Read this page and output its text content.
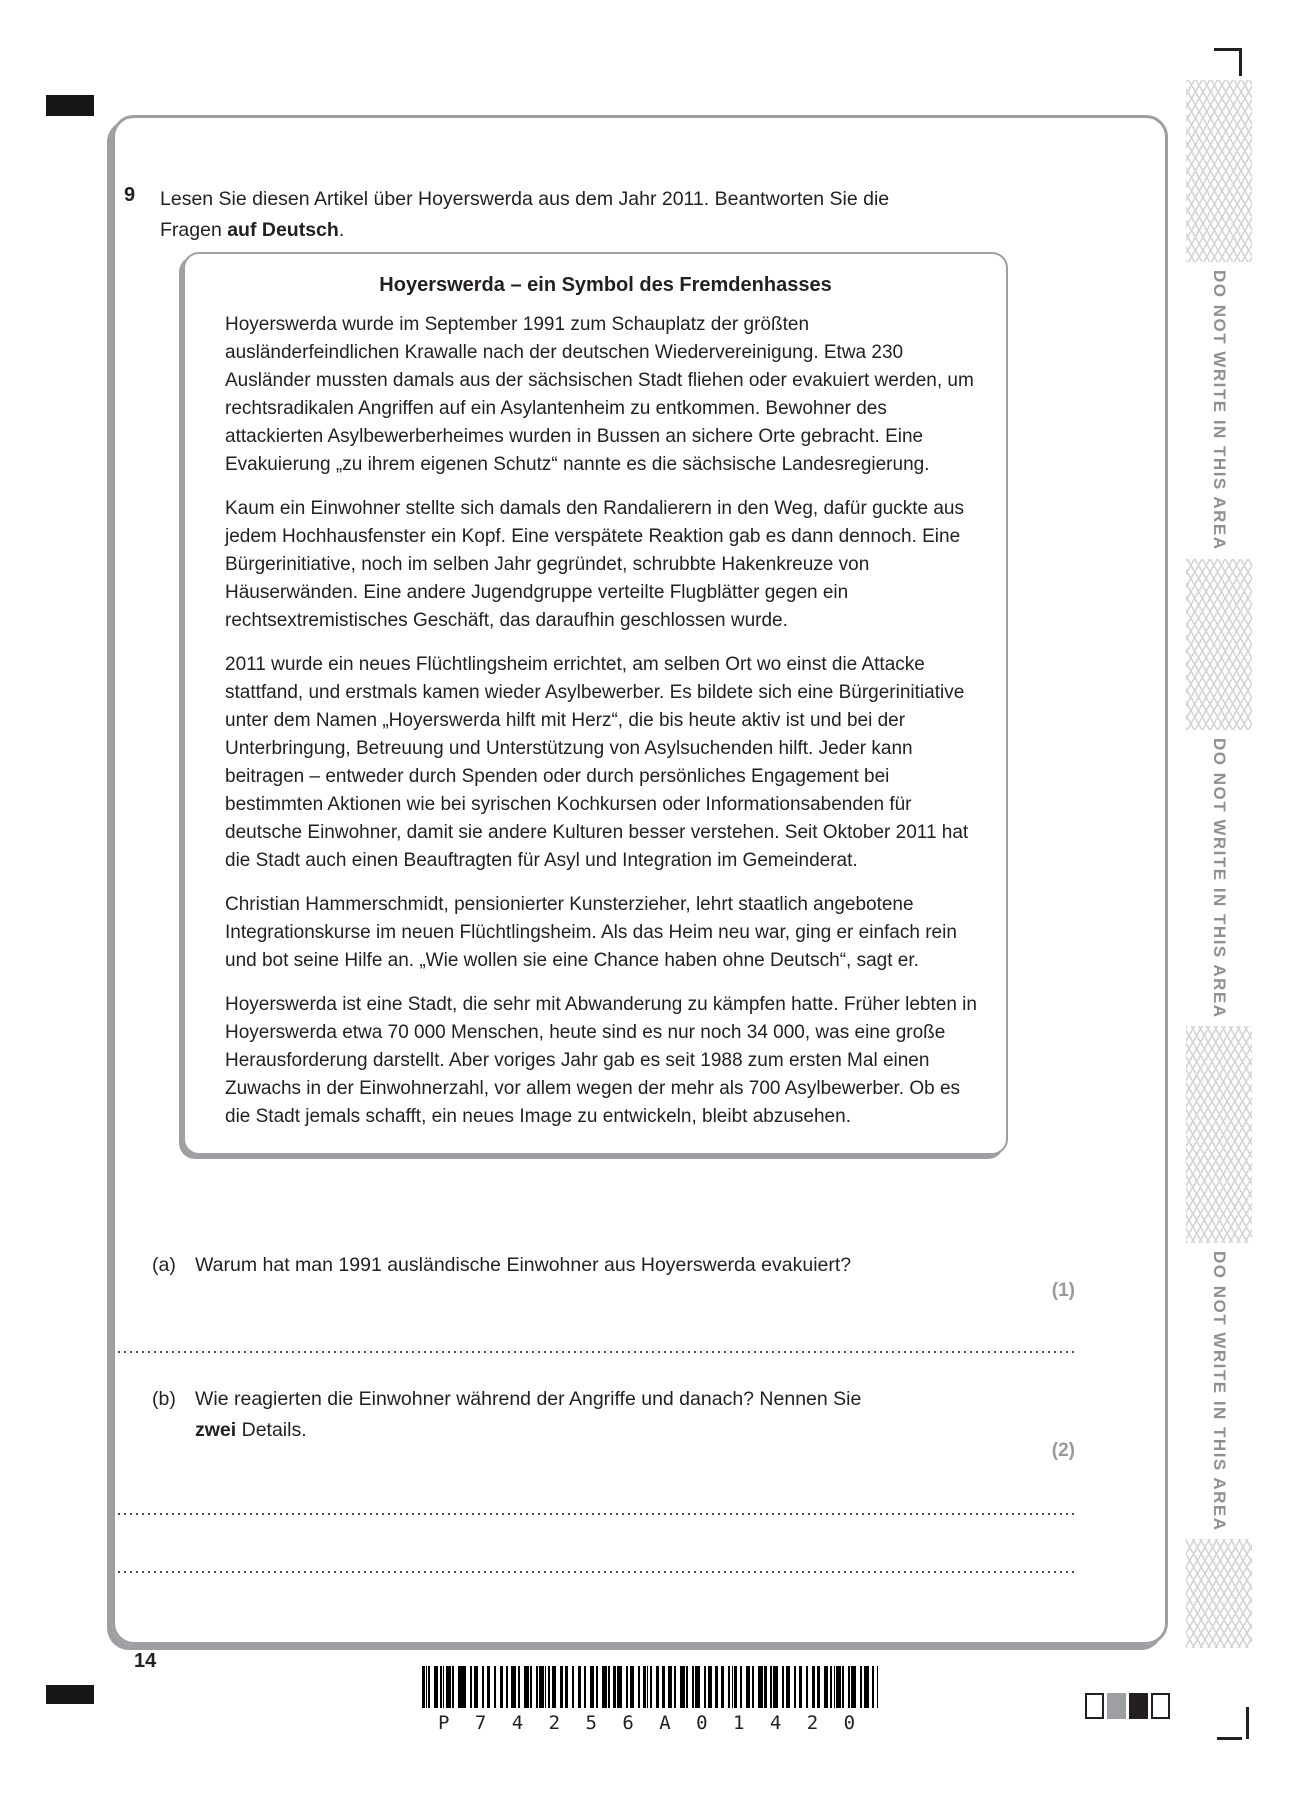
9 Lesen Sie diesen Artikel über Hoyerswerda aus dem Jahr 2011. Beantworten Sie die
Fragen auf Deutsch.
Hoyerswerda – ein Symbol des Fremdenhasses

Hoyerswerda wurde im September 1991 zum Schauplatz der größten ausländerfeindlichen Krawalle nach der deutschen Wiedervereinigung. Etwa 230 Ausländer mussten damals aus der sächsischen Stadt fliehen oder evakuiert werden, um rechtsradikalen Angriffen auf ein Asylantenheim zu entkommen. Bewohner des attackierten Asylbewerberheimes wurden in Bussen an sichere Orte gebracht. Eine Evakuierung „zu ihrem eigenen Schutz“ nannte es die sächsische Landesregierung.

Kaum ein Einwohner stellte sich damals den Randalierern in den Weg, dafür guckte aus jedem Hochhausfenster ein Kopf. Eine verspätete Reaktion gab es dann dennoch. Eine Bürgerinitiative, noch im selben Jahr gegründet, schrubbte Hakenkreuze von Häuserwänden. Eine andere Jugendgruppe verteilte Flugblätter gegen ein rechtsextremistisches Geschäft, das daraufhin geschlossen wurde.

2011 wurde ein neues Flüchtlingsheim errichtet, am selben Ort wo einst die Attacke stattfand, und erstmals kamen wieder Asylbewerber. Es bildete sich eine Bürgerinitiative unter dem Namen „Hoyerswerda hilft mit Herz“, die bis heute aktiv ist und bei der Unterbringung, Betreuung und Unterstützung von Asylsuchenden hilft. Jeder kann beitragen – entweder durch Spenden oder durch persönliches Engagement bei bestimmten Aktionen wie bei syrischen Kochkursen oder Informationsabenden für deutsche Einwohner, damit sie andere Kulturen besser verstehen. Seit Oktober 2011 hat die Stadt auch einen Beauftragten für Asyl und Integration im Gemeinderat.

Christian Hammerschmidt, pensionierter Kunsterzieher, lehrt staatlich angebotene Integrationskurse im neuen Flüchtlingsheim. Als das Heim neu war, ging er einfach rein und bot seine Hilfe an. „Wie wollen sie eine Chance haben ohne Deutsch“, sagt er.

Hoyerswerda ist eine Stadt, die sehr mit Abwanderung zu kämpfen hatte. Früher lebten in Hoyerswerda etwa 70 000 Menschen, heute sind es nur noch 34 000, was eine große Herausforderung darstellt. Aber voriges Jahr gab es seit 1988 zum ersten Mal einen Zuwachs in der Einwohnerzahl, vor allem wegen der mehr als 700 Asylbewerber. Ob es die Stadt jemals schafft, ein neues Image zu entwickeln, bleibt abzusehen.

(a) Warum hat man 1991 ausländische Einwohner aus Hoyerswerda evakuiert?
(1)
(b) Wie reagierten die Einwohner während der Angriffe und danach? Nennen Sie
zwei Details.
(2)
DO NOT WRITE IN THIS AREA
DO NOT WRITE IN THIS AREA
DO NOT WRITE IN THIS AREA
14
P 7 4 2 5 6 A 0 1 4 2 0
